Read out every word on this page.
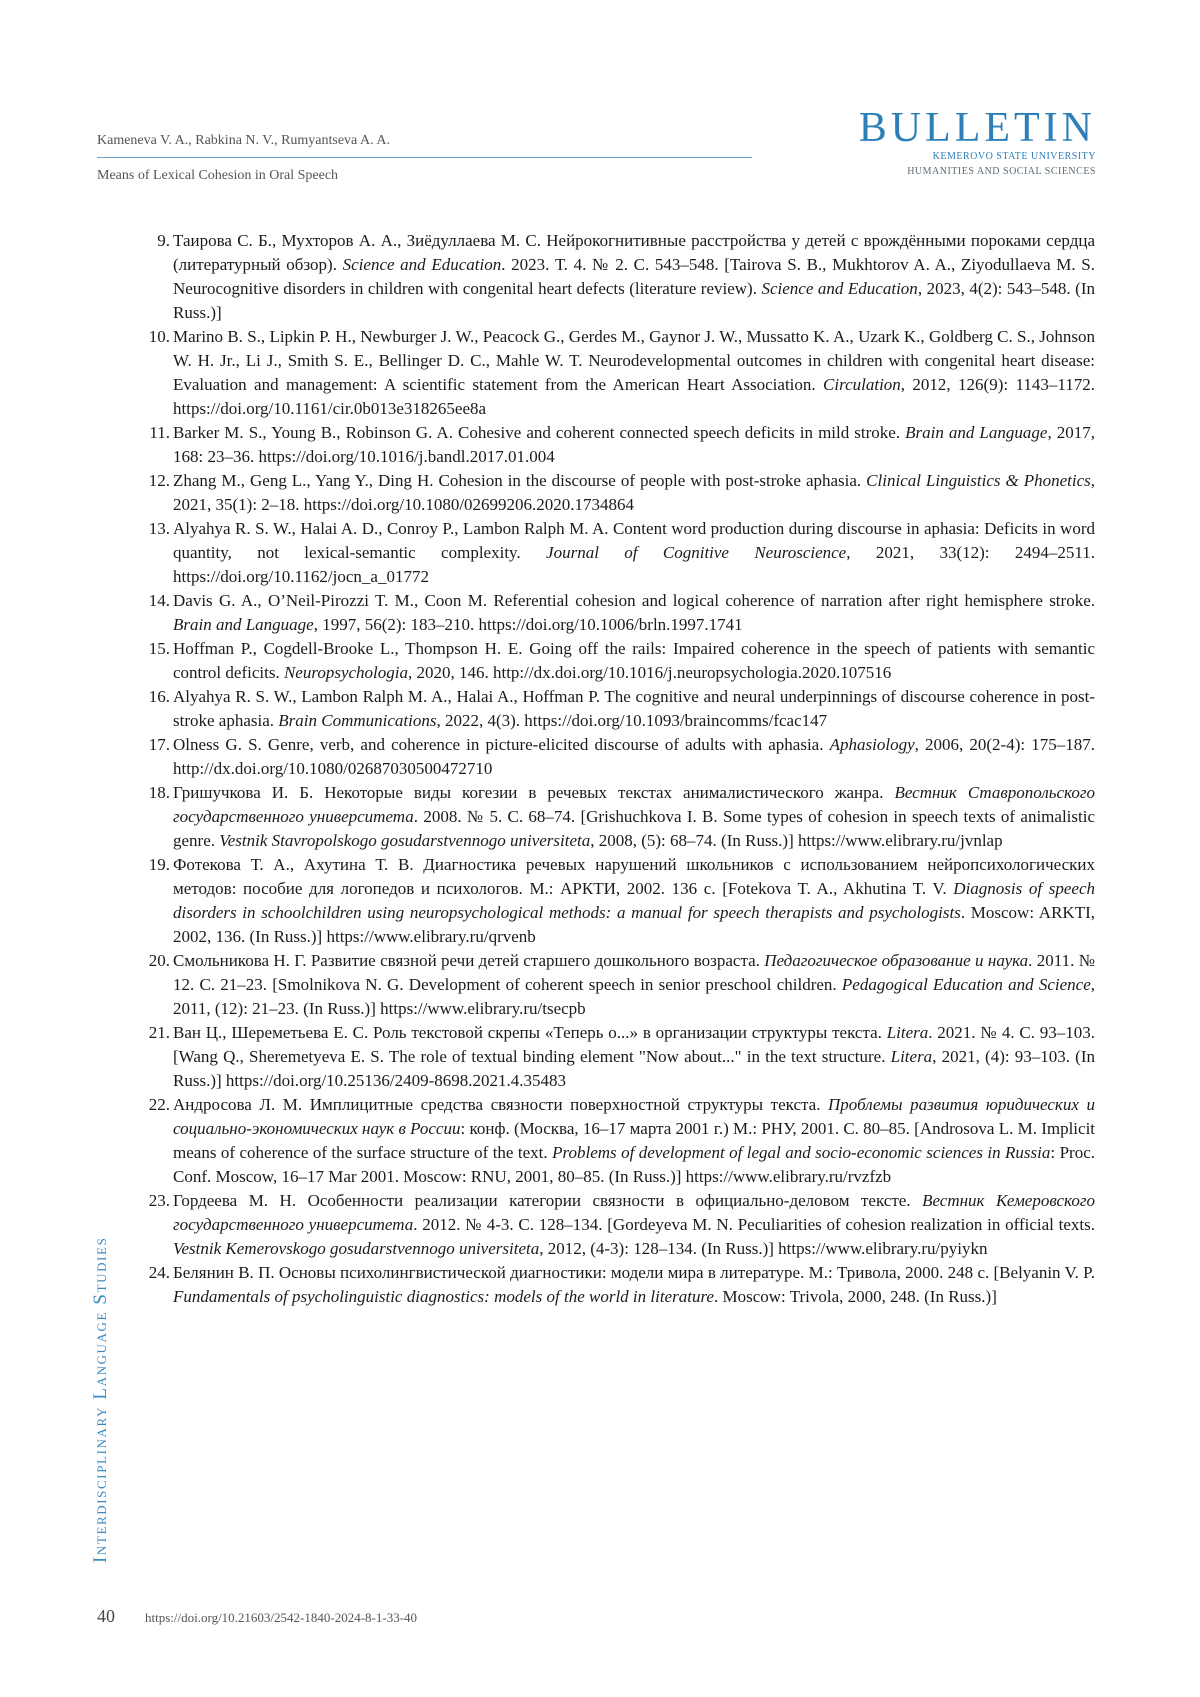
Kameneva V. A., Rabkina N. V., Rumyantseva A. A.

Means of Lexical Cohesion in Oral Speech
BULLETIN
KEMEROVO STATE UNIVERSITY
HUMANITIES AND SOCIAL SCIENCES
Interdisciplinary Language Studies

9. Таирова С. Б., Мухторов А. А., Зиёдуллаева М. С. Нейрокогнитивные расстройства у детей с врождёнными пороками сердца (литературный обзор). Science and Education. 2023. Т. 4. № 2. С. 543–548. [Tairova S. B., Mukhtorov A. A., Ziyodullaeva M. S. Neurocognitive disorders in children with congenital heart defects (literature review). Science and Education, 2023, 4(2): 543–548. (In Russ.)]

10. Marino B. S., Lipkin P. H., Newburger J. W., Peacock G., Gerdes M., Gaynor J. W., Mussatto K. A., Uzark K., Goldberg C. S., Johnson W. H. Jr., Li J., Smith S. E., Bellinger D. C., Mahle W. T. Neurodevelopmental outcomes in children with congenital heart disease: Evaluation and management: A scientific statement from the American Heart Association. Circulation, 2012, 126(9): 1143–1172. https://doi.org/10.1161/cir.0b013e318265ee8a

11. Barker M. S., Young B., Robinson G. A. Cohesive and coherent connected speech deficits in mild stroke. Brain and Language, 2017, 168: 23–36. https://doi.org/10.1016/j.bandl.2017.01.004

12. Zhang M., Geng L., Yang Y., Ding H. Cohesion in the discourse of people with post-stroke aphasia. Clinical Linguistics & Phonetics, 2021, 35(1): 2–18. https://doi.org/10.1080/02699206.2020.1734864

13. Alyahya R. S. W., Halai A. D., Conroy P., Lambon Ralph M. A. Content word production during discourse in aphasia: Deficits in word quantity, not lexical-semantic complexity. Journal of Cognitive Neuroscience, 2021, 33(12): 2494–2511. https://doi.org/10.1162/jocn_a_01772

14. Davis G. A., O’Neil-Pirozzi T. M., Coon M. Referential cohesion and logical coherence of narration after right hemisphere stroke. Brain and Language, 1997, 56(2): 183–210. https://doi.org/10.1006/brln.1997.1741

15. Hoffman P., Cogdell-Brooke L., Thompson H. E. Going off the rails: Impaired coherence in the speech of patients with semantic control deficits. Neuropsychologia, 2020, 146. http://dx.doi.org/10.1016/j.neuropsychologia.2020.107516

16. Alyahya R. S. W., Lambon Ralph M. A., Halai A., Hoffman P. The cognitive and neural underpinnings of discourse coherence in post-stroke aphasia. Brain Communications, 2022, 4(3). https://doi.org/10.1093/braincomms/fcac147

17. Olness G. S. Genre, verb, and coherence in picture-elicited discourse of adults with aphasia. Aphasiology, 2006, 20(2-4): 175–187. http://dx.doi.org/10.1080/02687030500472710

18. Гришучкова И. Б. Некоторые виды когезии в речевых текстах анималистического жанра. Вестник Ставропольского государственного университета. 2008. № 5. С. 68–74. [Grishuchkova I. B. Some types of cohesion in speech texts of animalistic genre. Vestnik Stavropolskogo gosudarstvennogo universiteta, 2008, (5): 68–74. (In Russ.)] https://www.elibrary.ru/jvnlap

19. Фотекова Т. А., Ахутина Т. В. Диагностика речевых нарушений школьников с использованием нейропсихологических методов: пособие для логопедов и психологов. М.: АРКТИ, 2002. 136 с. [Fotekova T. A., Akhutina T. V. Diagnosis of speech disorders in schoolchildren using neuropsychological methods: a manual for speech therapists and psychologists. Moscow: ARKTI, 2002, 136. (In Russ.)] https://www.elibrary.ru/qrvenb

20. Смольникова Н. Г. Развитие связной речи детей старшего дошкольного возраста. Педагогическое образование и наука. 2011. № 12. С. 21–23. [Smolnikova N. G. Development of coherent speech in senior preschool children. Pedagogical Education and Science, 2011, (12): 21–23. (In Russ.)] https://www.elibrary.ru/tsecpb

21. Ван Ц., Шереметьева Е. С. Роль текстовой скрепы «Теперь о...» в организации структуры текста. Litera. 2021. № 4. С. 93–103. [Wang Q., Sheremetyeva E. S. The role of textual binding element "Now about..." in the text structure. Litera, 2021, (4): 93–103. (In Russ.)] https://doi.org/10.25136/2409-8698.2021.4.35483

22. Андросова Л. М. Имплицитные средства связности поверхностной структуры текста. Проблемы развития юридических и социально-экономических наук в России: конф. (Москва, 16–17 марта 2001 г.) М.: РНУ, 2001. С. 80–85. [Androsova L. M. Implicit means of coherence of the surface structure of the text. Problems of development of legal and socio-economic sciences in Russia: Proc. Conf. Moscow, 16–17 Mar 2001. Moscow: RNU, 2001, 80–85. (In Russ.)] https://www.elibrary.ru/rvzfzb

23. Гордеева М. Н. Особенности реализации категории связности в официально-деловом тексте. Вестник Кемеровского государственного университета. 2012. № 4-3. С. 128–134. [Gordeyeva M. N. Peculiarities of cohesion realization in official texts. Vestnik Kemerovskogo gosudarstvennogo universiteta, 2012, (4-3): 128–134. (In Russ.)] https://www.elibrary.ru/pyiykn

24. Белянин В. П. Основы психолингвистической диагностики: модели мира в литературе. М.: Тривола, 2000. 248 с. [Belyanin V. P. Fundamentals of psycholinguistic diagnostics: models of the world in literature. Moscow: Trivola, 2000, 248. (In Russ.)]

40 https://doi.org/10.21603/2542-1840-2024-8-1-33-40
